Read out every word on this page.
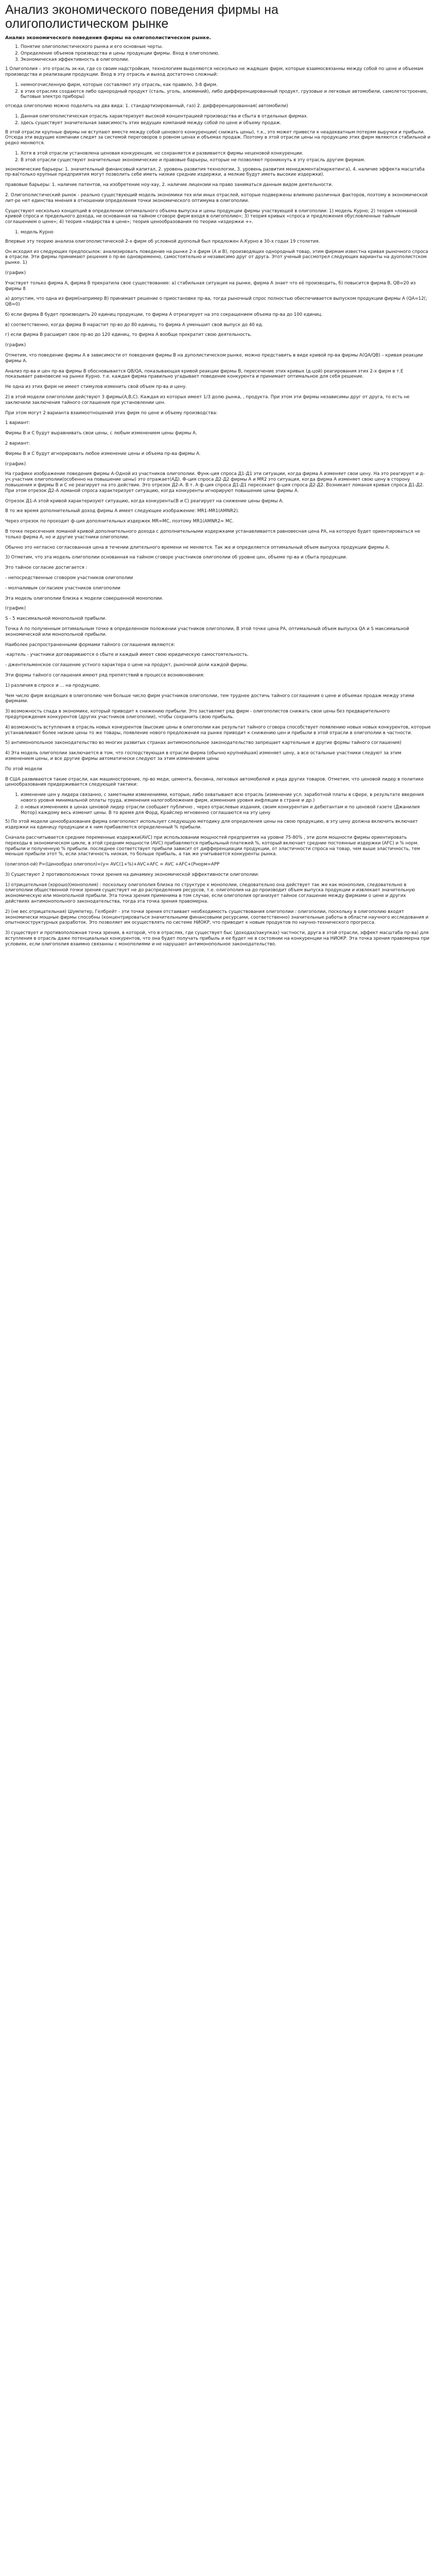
Анализ экономического поведения фирмы на
олигополистическом рынке
Анализ экономического поведения фирмы на олигополистическом рынке.
1. Понятие олигополистического рынка и его основные черты.
2. Определение объемов производства и цены продукции фирмы. Вход в олигополию.
3. Экономическая эффективность в олигополии.

1 Олигополия – это отрасль эк-ки, где со своим надстройкам, технологиям выделяются несколько не жадящих фирм, которые взаимосвязанны между собой по цене и объемам производства и реализации продукции. Вход в эту отрасль и выход достаточно сложный:

1. немногочисленную фирм, которые составляют эту отрасль, как правило, 3-8 фирм.
2. в этих отраслях создаются либо однородный продукт (сталь, уголь, алюминий), либо дифференцированный продукт, грузовые и легковые автомобили, самолетостроение, бытовые электро приборы)

отсюда олигополию можно поделить на два вида: 1. стандартизированный, газ) 2. дифференцированная( автомобили)

1. Данная олигополистическая отрасль характеризует высокой концентрацией производства и сбыта в отдельных фирмах.
2. здесь существует значительная зависимость этих ведущих компаний между собой по цене и объему продаж.

В этой отрасли крупные фирмы не вступают вместе между собой ценового конкуренции( снижать цены), т.к., это может привести к неадекватным потерям выручки и прибыли. Отсюда эти ведущие компании следят за системой переговоров о ровном ценах и объемах продаж. Поэтому в этой отрасли цены на продукцию этих фирм являются стабильной и редко меняются.

1. Хотя в этой отрасли установлена ценовая конкуренция, но сохраняется и развивается фирмы неценовой конкуренции.
2. В этой отрасли существуют значительные экономические и правовые барьеры, которые не позволяют проникнуть в эту отрасль другим фирмам.

экономические барьеры: 1. значительный финансовый капитал, 2. уровень развития технологии, 3. уровень развития менеджмента(маркетинга), 4. наличие эффекта масштаба пр-ва(только крупные предприятия могут позволить себе иметь низкие средние издержки, а мелкие будут иметь высокие издержки).

правовые барьеры: 1. наличие патентов, на изобретение ноу-хау, 2. наличие лицензии на право заниматься данным видом деятельности.

2. Олигополистический рынок - реально существующий модель экономики тех или иных отраслей, которые подвержены влиянию различных факторов, поэтому в экономической лит-ре нет единства мнения в отношении определения точки экономического оптимума в олигополии.

Существуют несколько концепций в определении оптимального объема выпуска и цены продукции фирмы участвующей в олигополии: 1) модель Курно; 2) теория «ломаной кривой спроса и предельного дохода, не основанная на тайном сговоре фирм входя в олигополию»; 3) теория кривых «спроса и предложения обусловленные тайным соглашением о цене»; 4) теория «лидерства в цене»; теория ценообразования по теории «издержки +».

1. модель Курно

Впервые эту теорию анализа олигополистической 2-х фирм об условной дуопольй был предложен А.Курно в 30-х годах 19 столетия.

Он исходил из следующих предпосылок: анализировать поведение на рынке 2-х фирм (А и В), производящих однородный товар, этим фирмам известна кривая рыночного спроса в отрасли. Эти фирмы принимают решения о пр-ве одновременно, самостоятельно и независимо друг от друга. Этот ученый рассмотрел следующих варианты на дуополистском рынке. 1)

(график)

Участвует только фирма А, фирма В прекратила свое существование: а) стабильная ситуация на рынке, фирма А знает что её производить, б) повысится фирма В, QВ=20 из фирмы 8

а) допустим, что одна из фирм(например В) принимает решение о приостановке пр-ва, тогда рыночный спрос полностью обеспечивается выпуском продукции фирмы А (QA=12(; QB=0)

б) если фирма В будет производить 20 единиц продукции, то фирма А отреагирует на это сокращением объема пр-ва до 100 единиц.

в) соответственно, когда фирма В нарастит пр-во до 80 единиц, то фирма А уменьшит свой выпуск до 40 ед.

г) если фирма В расширит свое пр-во до 120 единиц, то фирма А вообще прекратит свою деятельность.

(график)

Отметим, что поведение фирмы А в зависимости от поведения фирмы В на дуполистическом рынке, можно представить в виде кривой пр-ва фирмы A(QA/QB) – кривая реакции фирмы А.

Анализ пр-ва и цен пр-ва фирмы В обосновывается QB/QA, показывающая кривой реакции фирмы В, пересечение этих кривых (д-цой) реагирования этих 2-х фирм в т.Е показывает равновесие на рынке Курно. т.е. каждая фирма правильно угадывает поведение конкурента и принимает оптимальное для себя решение.

Не одна из этих фирм не имеет стимулов изменить свой объем пр-ва и цену.

2) в этой модели олигополии действуют 3 фирмы(А,В,С). Каждая из которых имеет 1/3 долю рынка, , продукта. При этом эти фирмы независимы друг от друга, то есть не заключили заключения тайного соглашения при установлении цен.

При этом могут 2 варианта взаимоотношений этих фирм по цене и объему производства:

1 вариант:

Фирмы В и С будут выравнивать свои цены, с любым изменением цены фирмы А.

2 вариант:

Фирмы В и С будут игнорировать любое изменение цены и объема пр-ва фирмы А.

(график)

На графике изображение поведения фирмы А-Одной из участников олигополии. Функ-ция спроса Д1-Д1 эти ситуации, когда фирма А изменяет свои цену. На это реагирует и д-уч.участник олигополии(особенно на повышение цены) это отражает(АД). Ф-ция спроса Д2-Д2 фирмы А и MR2 это ситуация, когда фирма А изменяет свою цену в сторону повышения и фирмы В и С не реагирует на это действие. Это отрезок Д2-А. В т. А ф-ция спроса Д1-Д1 пересекает ф-ция спроса Д2-Д2. Возникает ломаная кривая спроса Д1-Д2. При этом отрезок Д2-А ломаной спроса характеризует ситуацию, когда конкуренты игнорируют повышение цены фирмы А.

Отрезок Д1-А этой кривой характеризуют ситуацию, когда конкуренты(В и С) реагирует на снижение цены фирмы А.

В то же время дополнительный доход фирмы А имеет следующее изображение: MR1-MR1(АМNR2).

Через отрезок по проходит ф-ция дополнительных издержек MR=MC, поэтому MR1(АМNR2= МС.

В точке пересечения ломаной кривой дополнительного дохода с дополнительными издержками устанавливается равновесная цена РА, на которую будет ориентироваться не только фирма А, но и другие участники олигополии.

Обычно это негласно согласованная цена в течении длительного времени не меняется. Так же и определяется оптимальный объем выпуска продукции фирмы А.

3) Отметим, что эта модель олигополии основанная на тайном сговоре участников олигополии об уровне цен, объеме пр-ва и сбыта продукции.

Это тайное согласие достигается :

- непосредственные сговором участников олигополии

- молчаливым согласием участников олигополии

Эта модель олигополии близка к модели совершенной монополии.

(график)

S - 5 максимальной монопольной прибыли.

Точка А по полученным оптимальным точке в определенном положении участников олигополии, В этой точке цена РА, оптимальный объем выпуска QА и S максимальной экономической или монопольной прибыли.

Наиболее распространенными формами тайного соглашения являются:

-картель - участники договариваются о сбыте и каждый имеет свою юридическую самостоятельность.

- джентельменское соглашение устного характера о цене на продукт, рыночной доли каждой фирмы.

Эти формы тайного соглашения имеют ряд препятствий в процессе возникновения:

1) различия в спросе и ... на продукцию.

Чем число фирм входящих в олигополию чем больше число фирм участников олигополии, тем труднее достичь тайного соглашения о цене и объемах продаж между этими фирмами.

3) возможность спада в экономике, который приводит к снижению прибыли. Это заставляет ряд фирм - олигополистов снижать свои цены без предварительного предупреждения конкурентов (других участников олигополии), чтобы сохранить свою прибыль.

4) возможность вступления в отрасль новых конкурентов (высокие цены в олигополии как результат тайного сговора способствует появлению новых новых конкурентов, которые устанавливают более низкие цены то же товары, появление нового предложения на рынке приводит к снижению цен и прибыли в этой отрасли в олигополии в частности.

5) антимонопольное законодательство во многих развитых странах антимонопольное законодательство запрещает картельные и другие формы тайного соглашения)

4) Эта модель олигополии заключается в том, что господствующая в отрасли фирма (обычно крупнейшая) изменяет цену, а все остальные участники следуют за этим изменением цены, и все другие фирмы автоматически следуют за этим изменением цены

По этой модели

В США развиваются такие отрасли, как машиностроение, пр-во меди, цемента, бензина, легковых автомобилей и ряда других товаров. Отметим, что ценовой лидер в политике ценообразования придерживается следующей тактики:

1. изменение цен у лидера связанно, с заметными изменениями, которые, либо охватывают всю отрасль (изменение усл. заработной платы в сфере, в результате введения нового уровня минимальной оплаты труда, изменения налогообложения фирм, изменения уровня инфляции в стране и др.)
2. о новых изменениях в ценах ценовой лидер отрасли сообщает публично , через отраслевые издания, своим конкурентам и дебютантам и по ценовой газете (Джанилия Мотор) каждому весь изменит цены. В то время для Форд, Крайслер мгновенно соглашаются на эту цену

5) По этой модели ценообразования фирма олигополист использует следующую методику для определения цены на свою продукцию, в эту цену должна включить включает издержки на единицу продукции и к ним прибавляется определенный % прибыли.

Сначала рассчитывается средние переменные издержки(AVC) при использовании мощностей предприятия на уровне 75-80% , эти доля мощности фирмы ориентировать переходы в экономическом цикле, в этой средним мощности (AVC) прибавляются прибыльный платежей %, который включает средние постоянные издержки (AFC) и % норм. прибыли и полученную % прибыли. последнее соответствует прибыли зависит от дифференциации продукции, от эластичности спроса на товар, чем выше эластичность, тем меньше прибыли этот %, если эластичность низкая, то больше прибыль, а так же учитывается конкуренты рынка.

(олигопол-ой) Р=(Ценообраз олигопол)=(у= AVC(1+%)+AVC+AFC = AVC +AFC+(Рнорм=АРР

3) Существуют 2 противоположных точки зрения на динамику экономической эффективности олигополии:

1) отрицательная (хорошо)(монополия) : поскольку олигополия близка по структуре к монополии, следовательно она действует так же как монополия, следовательно в олигополии общественной точки зрения существует не до распределения ресурсов, т.е. олигополия на до производит объем выпуска продукции и извлекает значительную экономическую или монопольной прибыли. Эта точка зрения применима в том случае, если олигополия организует тайное соглашение между фирмами о цене и других действиях антимонопольного законодательства, тогда эта точка зрения правомерна.

2) (не вес.отрицательная) Шумпетер, Гелбрейт - эти точки зрения отстаивает необходимость существования олигополии : олигополии, поскольку в олигополию входят экономически мощные фирмы способны (концентрироваться значительными финансовыми ресурсами, соответственно) значительные работы в области научного исследования и опытнокоструктурных разработок. Это позволяет им осуществлять по системе НИОКР, что приводит к новым продуктов по научно-технического прогресса.

3) существует и противоположная точка зрения, в которой, что в отраслях, где существует быс (доходах/закупках) частности, друга в этой отрасли, эффект масштаба пр-ва) для вступления в отрасль даже потенциальных конкурентов, что она будет получать прибыль и ее будет не в состоянии на конкуренции на НИОКР. Эта точка зрения правомерна при условиях, если олигополия взаимно связанны с монополиями и не нарушают антимонопольное законодательство.
